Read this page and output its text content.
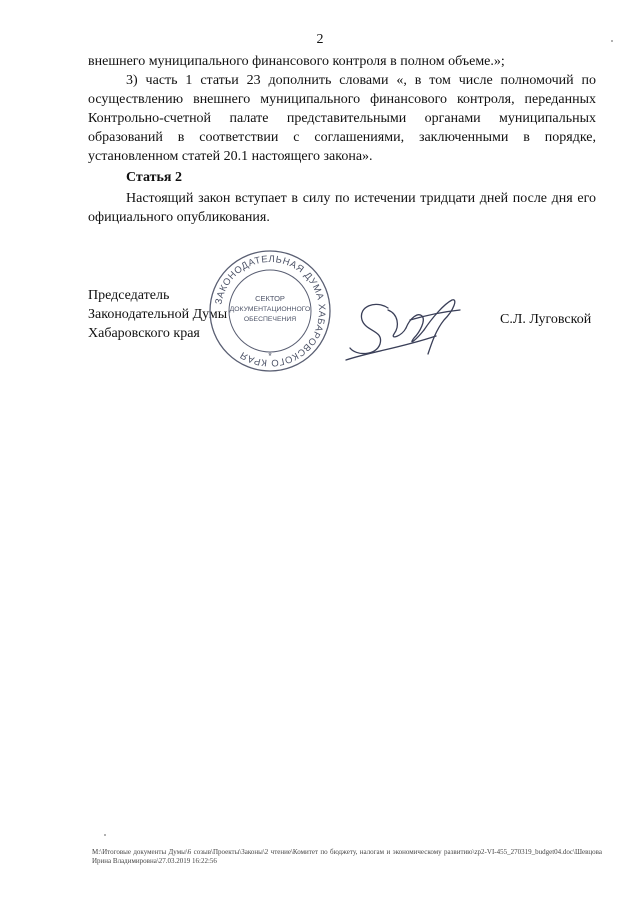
2
внешнего муниципального финансового контроля в полном объеме.»;
3) часть 1 статьи 23 дополнить словами «, в том числе полномочий по осуществлению внешнего муниципального финансового контроля, переданных Контрольно-счетной палате представительными органами муниципальных образований в соответствии с соглашениями, заключенными в порядке, установленном статей 20.1 настоящего закона».
Статья 2
Настоящий закон вступает в силу по истечении тридцати дней после дня его официального опубликования.
Председатель
Законодательной Думы
Хабаровского края
ЗАКОНОДАТЕЛЬНАЯ ДУМА ХАБАРОВСКОГО КРАЯ
СЕКТОР
ДОКУМЕНТАЦИОННОГО
ОБЕСПЕЧЕНИЯ
*
С.Л. Луговской
M:\Итоговые документы Думы\6 созыв\Проекты\Законы\2 чтение\Комитет по бюджету, налогам и экономическому развитию\zp2-VI-455_270319_budget04.doc\Шевцова Ирина Владимировна\27.03.2019 16:22:56
